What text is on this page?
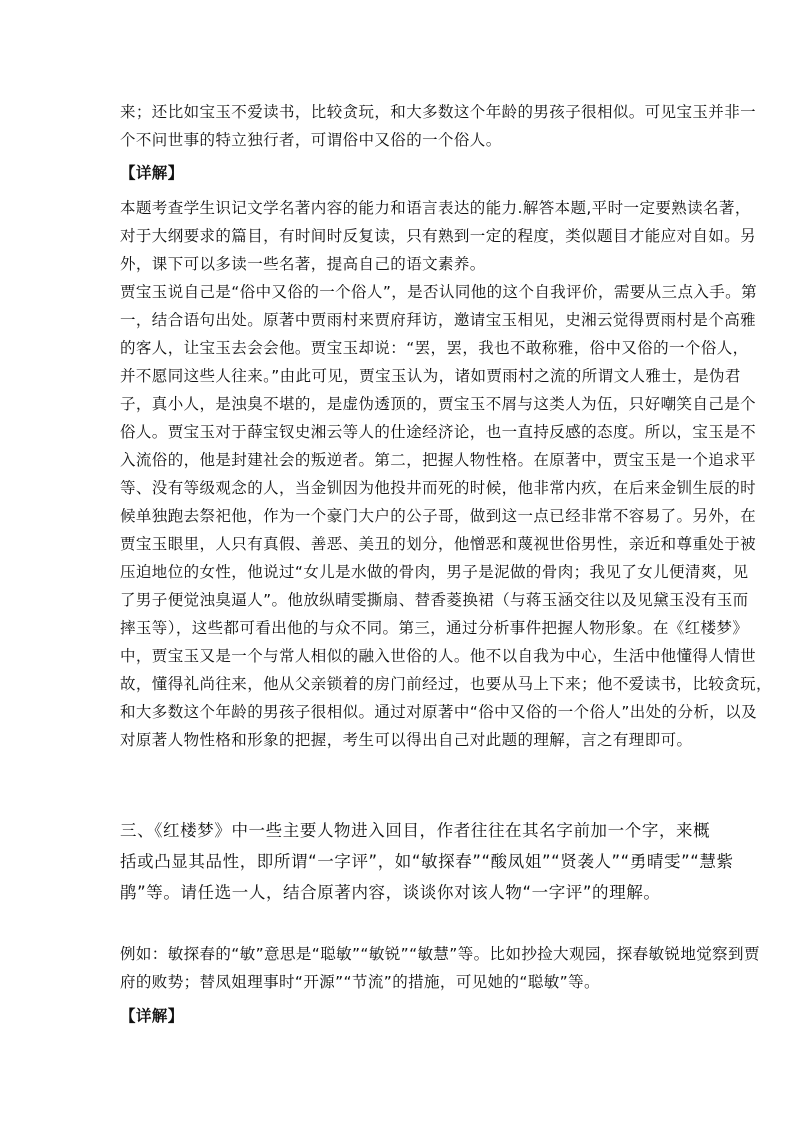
来；还比如宝玉不爱读书，比较贪玩，和大多数这个年龄的男孩子很相似。可见宝玉并非一
个不问世事的特立独行者，可谓俗中又俗的一个俗人。
【详解】
本题考查学生识记文学名著内容的能力和语言表达的能力.解答本题,平时一定要熟读名著，
对于大纲要求的篇目，有时间时反复读，只有熟到一定的程度，类似题目才能应对自如。另
外，课下可以多读一些名著，提高自己的语文素养。
贾宝玉说自己是“俗中又俗的一个俗人”，是否认同他的这个自我评价，需要从三点入手。第
一，结合语句出处。原著中贾雨村来贾府拜访，邀请宝玉相见，史湘云觉得贾雨村是个高雅
的客人，让宝玉去会会他。贾宝玉却说：“罢，罢，我也不敢称雅，俗中又俗的一个俗人，
并不愿同这些人往来。”由此可见，贾宝玉认为，诸如贾雨村之流的所谓文人雅士，是伪君
子，真小人，是浊臭不堪的，是虚伪透顶的，贾宝玉不屑与这类人为伍，只好嘲笑自己是个
俗人。贾宝玉对于薛宝钗史湘云等人的仕途经济论，也一直持反感的态度。所以，宝玉是不
入流俗的，他是封建社会的叛逆者。第二，把握人物性格。在原著中，贾宝玉是一个追求平
等、没有等级观念的人，当金钏因为他投井而死的时候，他非常内疚，在后来金钏生辰的时
候单独跑去祭祀他，作为一个豪门大户的公子哥，做到这一点已经非常不容易了。另外，在
贾宝玉眼里，人只有真假、善恶、美丑的划分，他憎恶和蔑视世俗男性，亲近和尊重处于被
压迫地位的女性，他说过“女儿是水做的骨肉，男子是泥做的骨肉；我见了女儿便清爽，见
了男子便觉浊臭逼人”。他放纵晴雯撕扇、替香菱换裙（与蒋玉涵交往以及见黛玉没有玉而
摔玉等），这些都可看出他的与众不同。第三，通过分析事件把握人物形象。在《红楼梦》
中，贾宝玉又是一个与常人相似的融入世俗的人。他不以自我为中心，生活中他懂得人情世
故，懂得礼尚往来，他从父亲锁着的房门前经过，也要从马上下来；他不爱读书，比较贪玩，
和大多数这个年龄的男孩子很相似。通过对原著中“俗中又俗的一个俗人”出处的分析，以及
对原著人物性格和形象的把握，考生可以得出自己对此题的理解，言之有理即可。
三、《红楼梦》中一些主要人物进入回目，作者往往在其名字前加一个字，来概
括或凸显其品性，即所谓“一字评”，如“敏探春”“酸凤姐”“贤袭人”“勇晴雯”“慧紫
鹃”等。请任选一人，结合原著内容，谈谈你对该人物“一字评”的理解。
例如：敏探春的“敏”意思是“聪敏”“敏锐”“敏慧”等。比如抄捡大观园，探春敏锐地觉察到贾
府的败势；替凤姐理事时“开源”“节流”的措施，可见她的“聪敏”等。
【详解】
